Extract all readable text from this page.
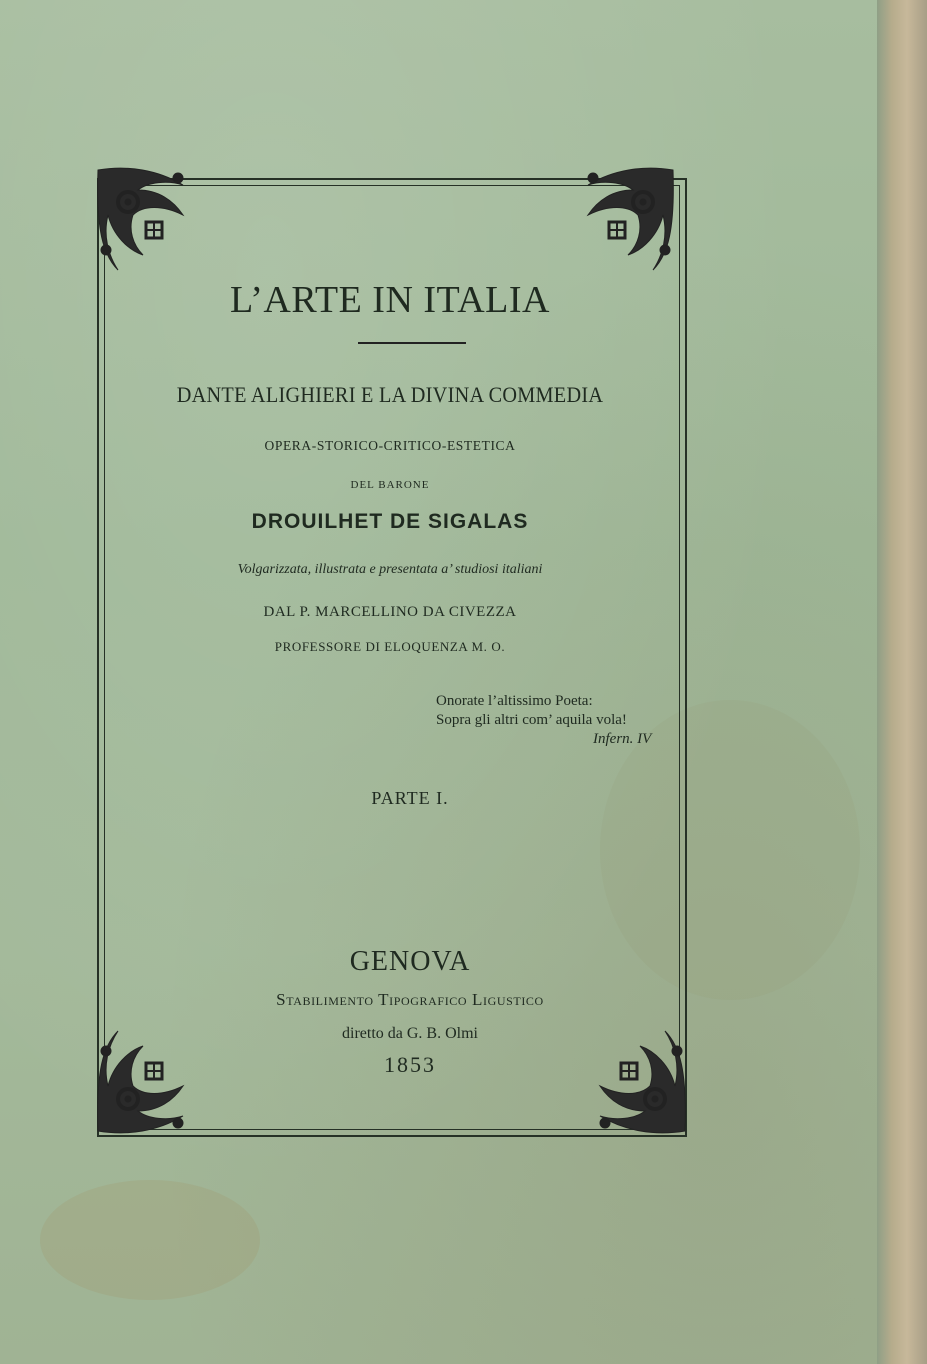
L’ARTE IN ITALIA
DANTE ALIGHIERI E LA DIVINA COMMEDIA
OPERA-STORICO-CRITICO-ESTETICA
DEL BARONE
DROUILHET DE SIGALAS
Volgarizzata, illustrata e presentata a’ studiosi italiani
DAL P. MARCELLINO DA CIVEZZA
PROFESSORE DI ELOQUENZA M. O.
Onorate l’altissimo Poeta:
Sopra gli altri com’ aquila vola!
Infern. IV
PARTE I.
GENOVA
Stabilimento Tipografico Ligustico
diretto da G. B. Olmi
1853
